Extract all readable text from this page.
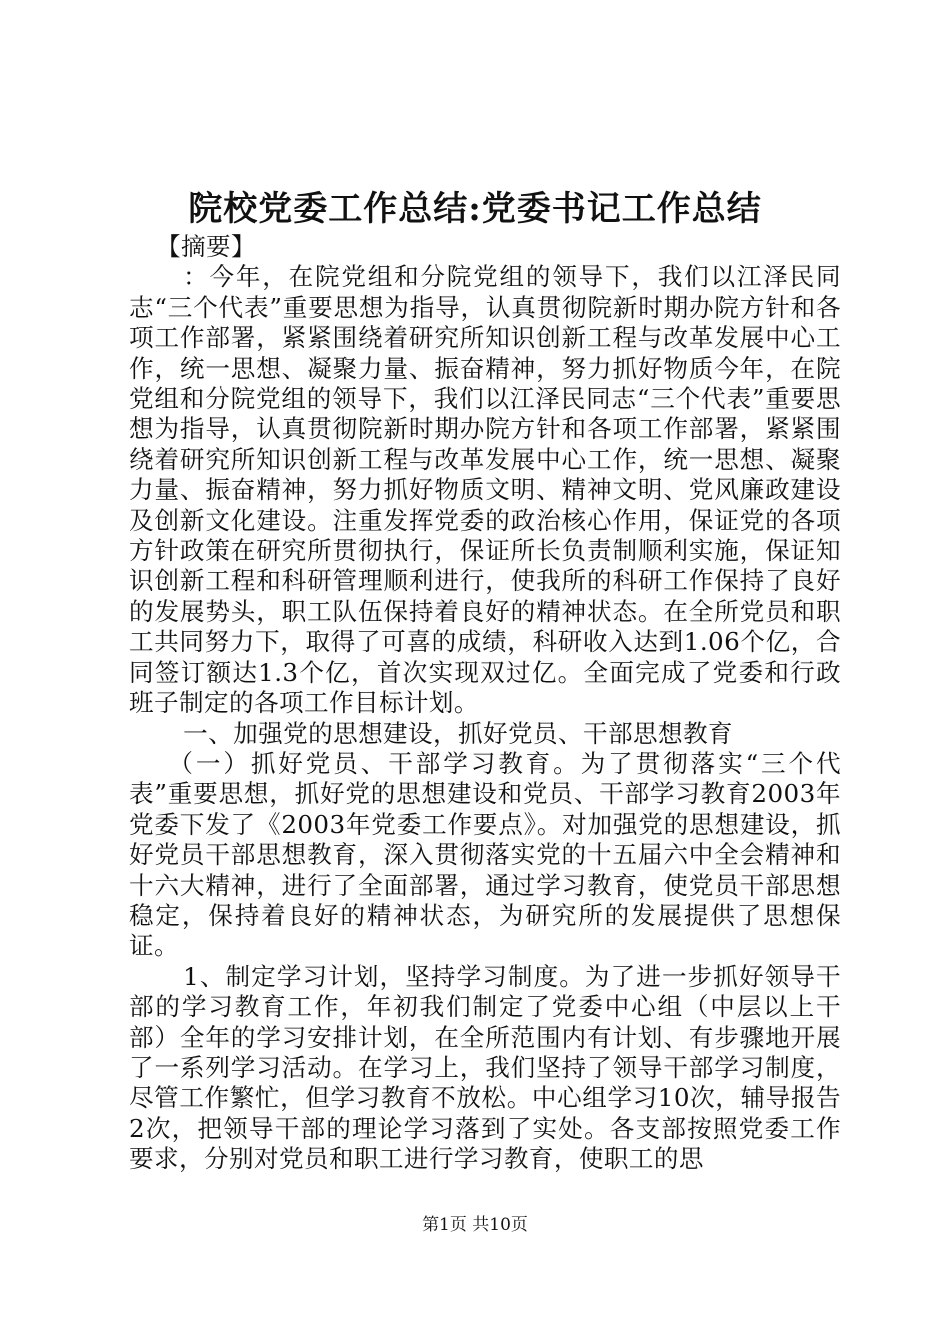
院校党委工作总结:党委书记工作总结

【摘要】

：今年，在院党组和分院党组的领导下，我们以江泽民同志“三个代表”重要思想为指导，认真贯彻院新时期办院方针和各项工作部署，紧紧围绕着研究所知识创新工程与改革发展中心工作，统一思想、凝聚力量、振奋精神，努力抓好物质今年，在院党组和分院党组的领导下，我们以江泽民同志“三个代表”重要思想为指导，认真贯彻院新时期办院方针和各项工作部署，紧紧围绕着研究所知识创新工程与改革发展中心工作，统一思想、凝聚力量、振奋精神，努力抓好物质文明、精神文明、党风廉政建设及创新文化建设。注重发挥党委的政治核心作用，保证党的各项方针政策在研究所贯彻执行，保证所长负责制顺利实施，保证知识创新工程和科研管理顺利进行，使我所的科研工作保持了良好的发展势头，职工队伍保持着良好的精神状态。在全所党员和职工共同努力下，取得了可喜的成绩，科研收入达到1.06个亿，合同签订额达1.3个亿，首次实现双过亿。全面完成了党委和行政班子制定的各项工作目标计划。

一、加强党的思想建设，抓好党员、干部思想教育

（一）抓好党员、干部学习教育。为了贯彻落实“三个代表”重要思想，抓好党的思想建设和党员、干部学习教育2003年党委下发了《2003年党委工作要点》。对加强党的思想建设，抓好党员干部思想教育，深入贯彻落实党的十五届六中全会精神和十六大精神，进行了全面部署，通过学习教育，使党员干部思想稳定，保持着良好的精神状态，为研究所的发展提供了思想保证。

1、制定学习计划，坚持学习制度。为了进一步抓好领导干部的学习教育工作，年初我们制定了党委中心组（中层以上干部）全年的学习安排计划，在全所范围内有计划、有步骤地开展了一系列学习活动。在学习上，我们坚持了领导干部学习制度，尽管工作繁忙，但学习教育不放松。中心组学习10次，辅导报告2次，把领导干部的理论学习落到了实处。各支部按照党委工作要求，分别对党员和职工进行学习教育，使职工的思

第1页 共10页
